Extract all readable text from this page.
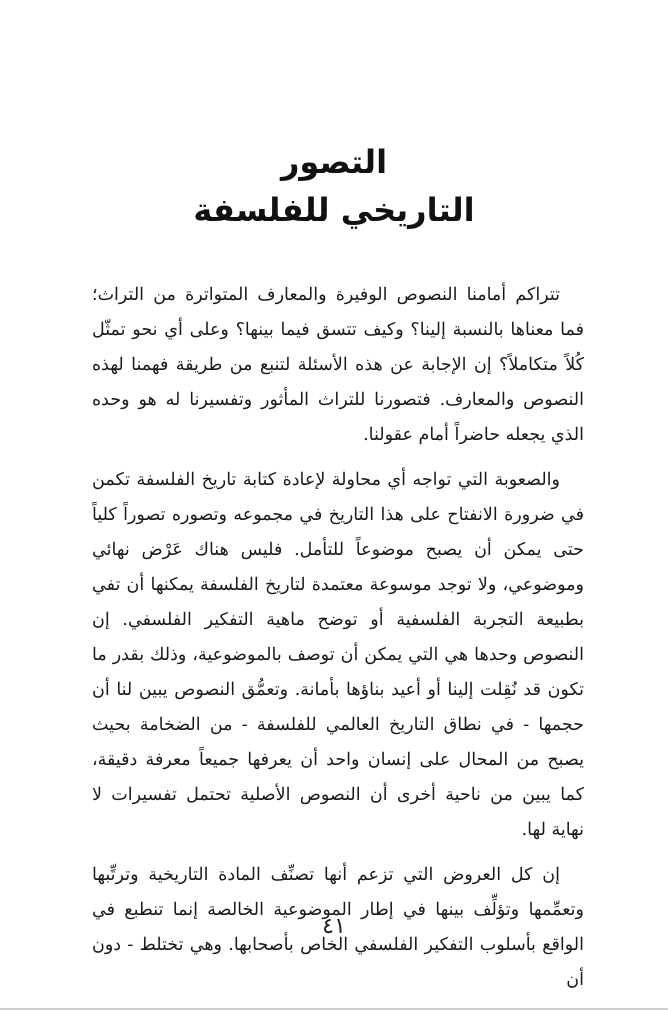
التصور
التاريخي للفلسفة

تتراكم أمامنا النصوص الوفيرة والمعارف المتواترة من التراث؛ فما معناها بالنسبة إلينا؟ وكيف تتسق فيما بينها؟ وعلى أي نحو تمثّل كُلاً متكاملاً؟ إن الإجابة عن هذه الأسئلة لتنبع من طريقة فهمنا لهذه النصوص والمعارف. فتصورنا للتراث المأثور وتفسيرنا له هو وحده الذي يجعله حاضراً أمام عقولنا.

والصعوبة التي تواجه أي محاولة لإعادة كتابة تاريخ الفلسفة تكمن في ضرورة الانفتاح على هذا التاريخ في مجموعه وتصوره تصوراً كلياً حتى يمكن أن يصبح موضوعاً للتأمل. فليس هناك عَرْض نهائي وموضوعي، ولا توجد موسوعة معتمدة لتاريخ الفلسفة يمكنها أن تفي بطبيعة التجربة الفلسفية أو توضح ماهية التفكير الفلسفي. إن النصوص وحدها هي التي يمكن أن توصف بالموضوعية، وذلك بقدر ما تكون قد نُقِلت إلينا أو أعيد بناؤها بأمانة. وتعمُّق النصوص يبين لنا أن حجمها - في نطاق التاريخ العالمي للفلسفة - من الضخامة بحيث يصبح من المحال على إنسان واحد أن يعرفها جميعاً معرفة دقيقة، كما يبين من ناحية أخرى أن النصوص الأصلية تحتمل تفسيرات لا نهاية لها.

إن كل العروض التي تزعم أنها تصنِّف المادة التاريخية وترتِّبها وتعمِّمها وتؤلِّف بينها في إطار الموضوعية الخالصة إنما تنطبع في الواقع بأسلوب التفكير الفلسفي الخاص بأصحابها. وهي تختلط - دون أن

٤١
